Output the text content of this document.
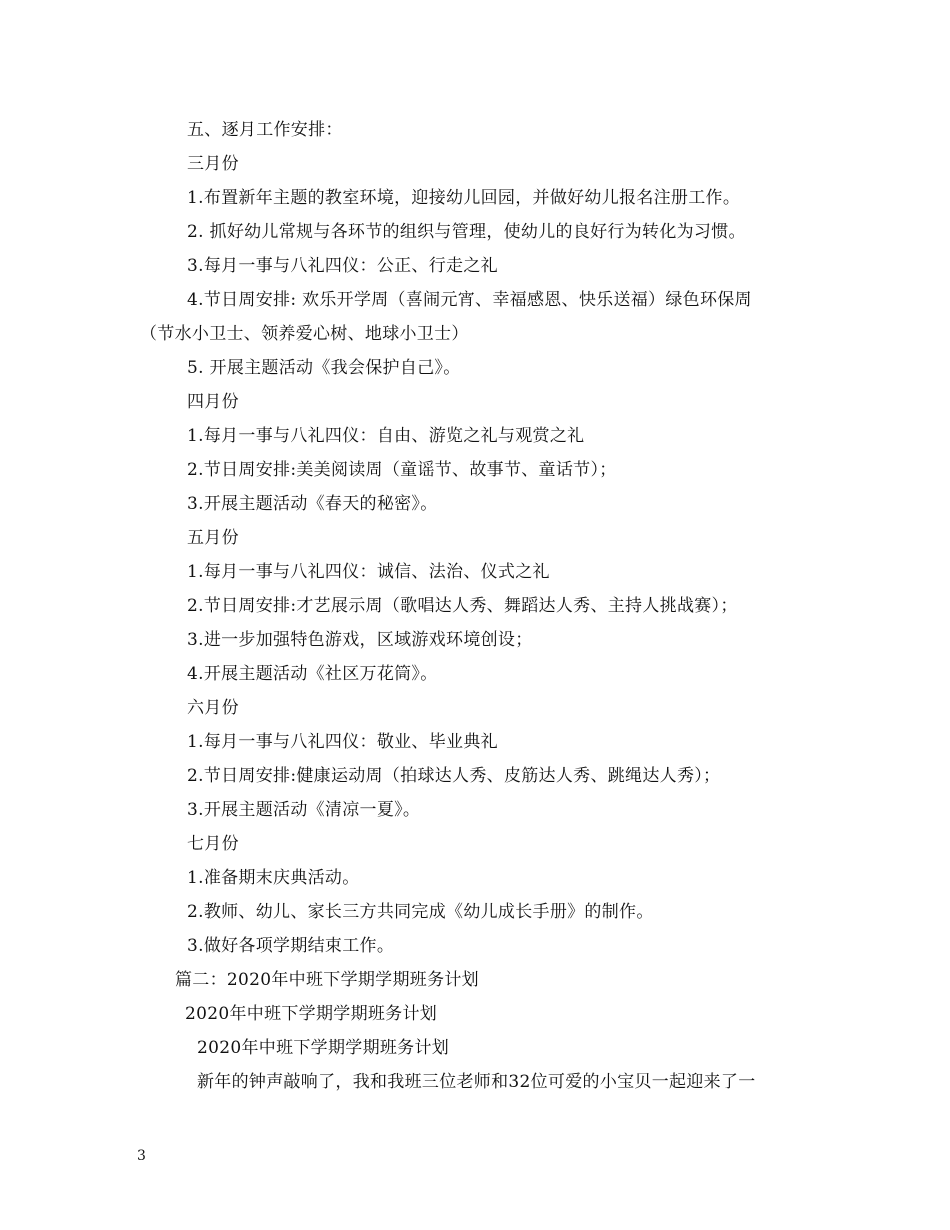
五、逐月工作安排：
三月份
1.布置新年主题的教室环境，迎接幼儿回园，并做好幼儿报名注册工作。
2. 抓好幼儿常规与各环节的组织与管理，使幼儿的良好行为转化为习惯。
3.每月一事与八礼四仪：公正、行走之礼
4.节日周安排: 欢乐开学周（喜闹元宵、幸福感恩、快乐送福）绿色环保周
（节水小卫士、领养爱心树、地球小卫士）
5. 开展主题活动《我会保护自己》。
四月份
1.每月一事与八礼四仪：自由、游览之礼与观赏之礼
2.节日周安排:美美阅读周（童谣节、故事节、童话节）；
3.开展主题活动《春天的秘密》。
五月份
1.每月一事与八礼四仪：诚信、法治、仪式之礼
2.节日周安排:才艺展示周（歌唱达人秀、舞蹈达人秀、主持人挑战赛）；
3.进一步加强特色游戏，区域游戏环境创设；
4.开展主题活动《社区万花筒》。
六月份
1.每月一事与八礼四仪：敬业、毕业典礼
2.节日周安排:健康运动周（拍球达人秀、皮筋达人秀、跳绳达人秀）；
3.开展主题活动《清凉一夏》。
七月份
1.准备期末庆典活动。
2.教师、幼儿、家长三方共同完成《幼儿成长手册》的制作。
3.做好各项学期结束工作。
篇二：2020年中班下学期学期班务计划
2020年中班下学期学期班务计划
2020年中班下学期学期班务计划
新年的钟声敲响了，我和我班三位老师和32位可爱的小宝贝一起迎来了一
3
